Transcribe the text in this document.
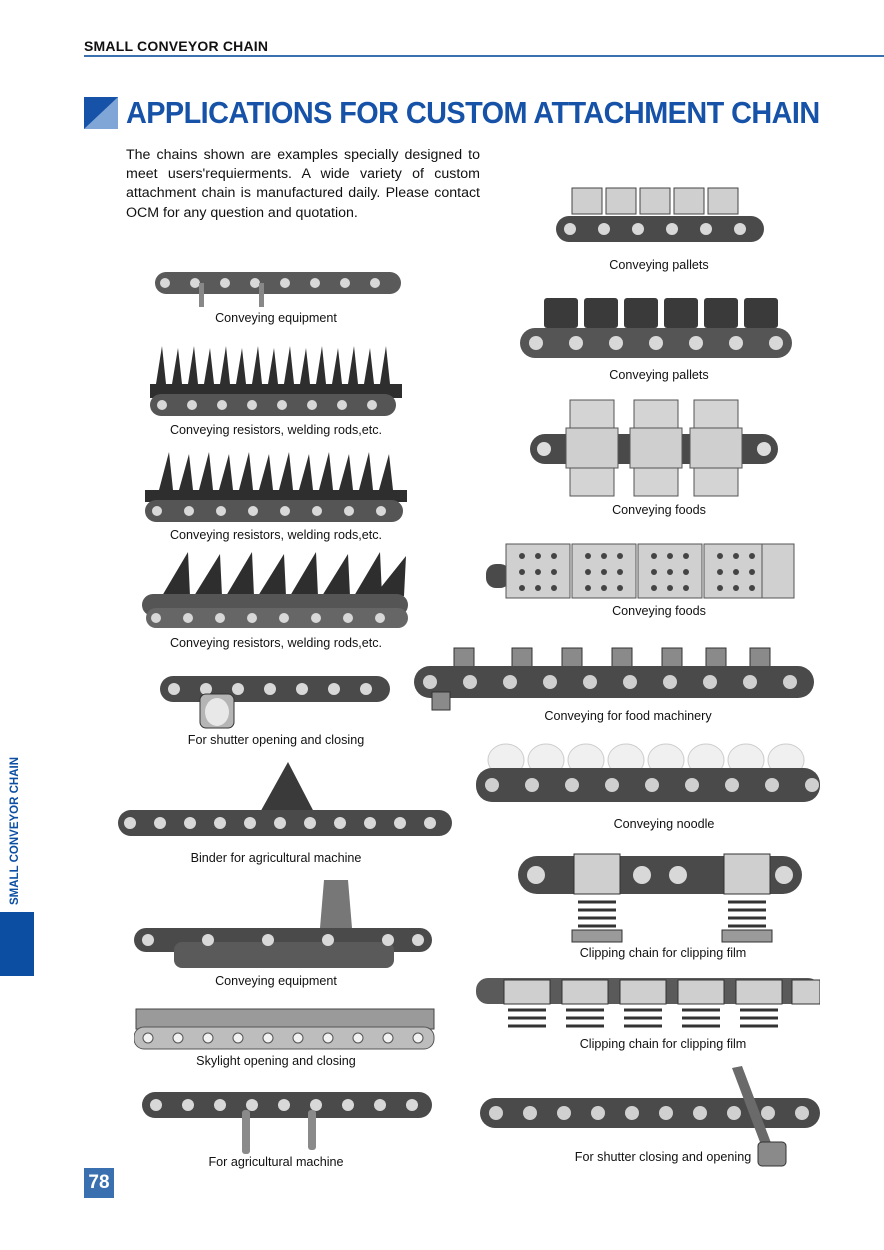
SMALL CONVEYOR CHAIN
APPLICATIONS FOR CUSTOM ATTACHMENT CHAIN
The chains shown are examples specially designed to meet users'requierments. A wide variety of custom attachment chain is manufactured daily. Please contact OCM for any question and quotation.
Conveying equipment
Conveying resistors, welding rods,etc.
Conveying resistors, welding rods,etc.
Conveying resistors, welding rods,etc.
For shutter opening and closing
Binder for agricultural machine
Conveying equipment
Skylight opening and closing
For agricultural machine
Conveying pallets
Conveying pallets
Conveying foods
Conveying foods
Conveying for food machinery
Conveying noodle
Clipping chain for clipping film
Clipping chain for clipping film
For shutter closing and opening
SMALL CONVEYOR CHAIN
78
